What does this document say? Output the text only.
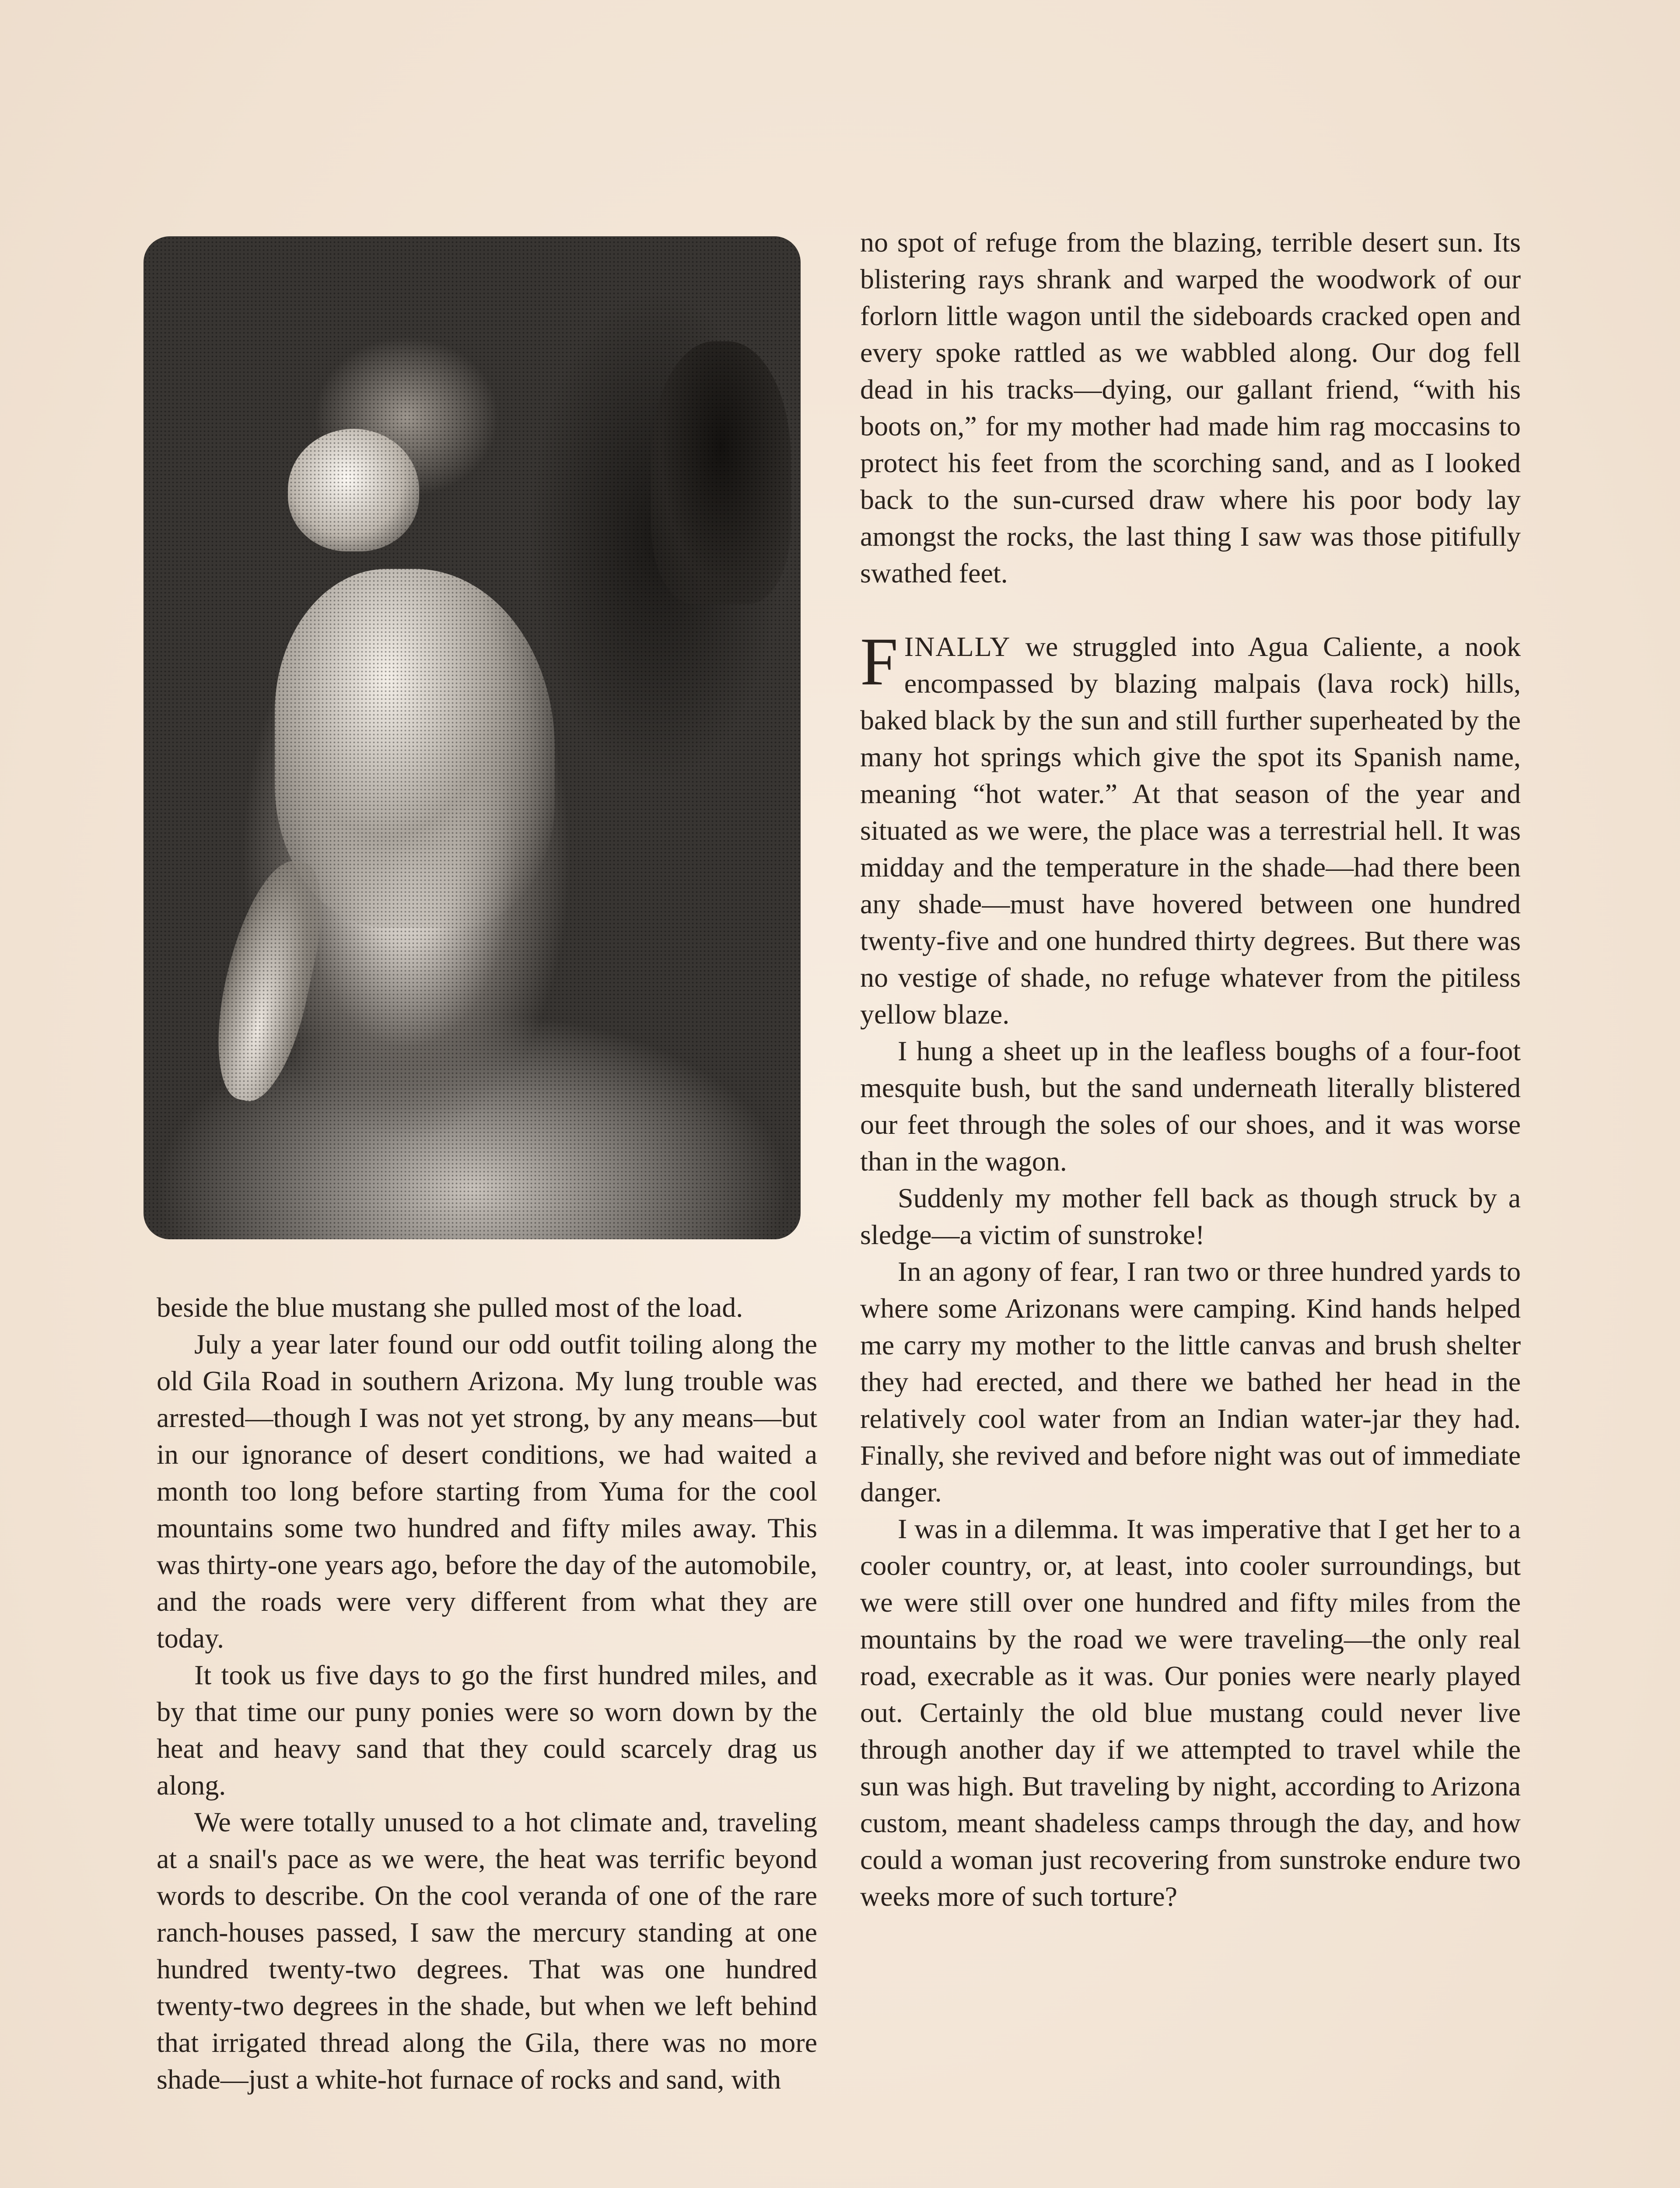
beside the blue mustang she pulled most of the load.

July a year later found our odd outfit toiling along the old Gila Road in southern Arizona. My lung trouble was arrested—though I was not yet strong, by any means—but in our ignorance of desert conditions, we had waited a month too long before starting from Yuma for the cool mountains some two hundred and fifty miles away. This was thirty-one years ago, before the day of the automobile, and the roads were very different from what they are today.

It took us five days to go the first hundred miles, and by that time our puny ponies were so worn down by the heat and heavy sand that they could scarcely drag us along.

We were totally unused to a hot climate and, traveling at a snail's pace as we were, the heat was terrific beyond words to describe. On the cool veranda of one of the rare ranch-houses passed, I saw the mercury standing at one hundred twenty-two degrees. That was one hundred twenty-two degrees in the shade, but when we left behind that irrigated thread along the Gila, there was no more shade—just a white-hot furnace of rocks and sand, with

no spot of refuge from the blazing, terrible desert sun. Its blistering rays shrank and warped the woodwork of our forlorn little wagon until the sideboards cracked open and every spoke rattled as we wabbled along. Our dog fell dead in his tracks—dying, our gallant friend, “with his boots on,” for my mother had made him rag moccasins to protect his feet from the scorching sand, and as I looked back to the sun-cursed draw where his poor body lay amongst the rocks, the last thing I saw was those pitifully swathed feet.

FINALLY we struggled into Agua Caliente, a nook encompassed by blazing malpais (lava rock) hills, baked black by the sun and still further superheated by the many hot springs which give the spot its Spanish name, meaning “hot water.” At that season of the year and situated as we were, the place was a terrestrial hell. It was midday and the temperature in the shade—had there been any shade—must have hovered between one hundred twenty-five and one hundred thirty degrees. But there was no vestige of shade, no refuge whatever from the pitiless yellow blaze.

I hung a sheet up in the leafless boughs of a four-foot mesquite bush, but the sand underneath literally blistered our feet through the soles of our shoes, and it was worse than in the wagon.

Suddenly my mother fell back as though struck by a sledge—a victim of sunstroke!

In an agony of fear, I ran two or three hundred yards to where some Arizonans were camping. Kind hands helped me carry my mother to the little canvas and brush shelter they had erected, and there we bathed her head in the relatively cool water from an Indian water-jar they had. Finally, she revived and before night was out of immediate danger.

I was in a dilemma. It was imperative that I get her to a cooler country, or, at least, into cooler surroundings, but we were still over one hundred and fifty miles from the mountains by the road we were traveling—the only real road, execrable as it was. Our ponies were nearly played out. Certainly the old blue mustang could never live through another day if we attempted to travel while the sun was high. But traveling by night, according to Arizona custom, meant shadeless camps through the day, and how could a woman just recovering from sunstroke endure two weeks more of such torture?
